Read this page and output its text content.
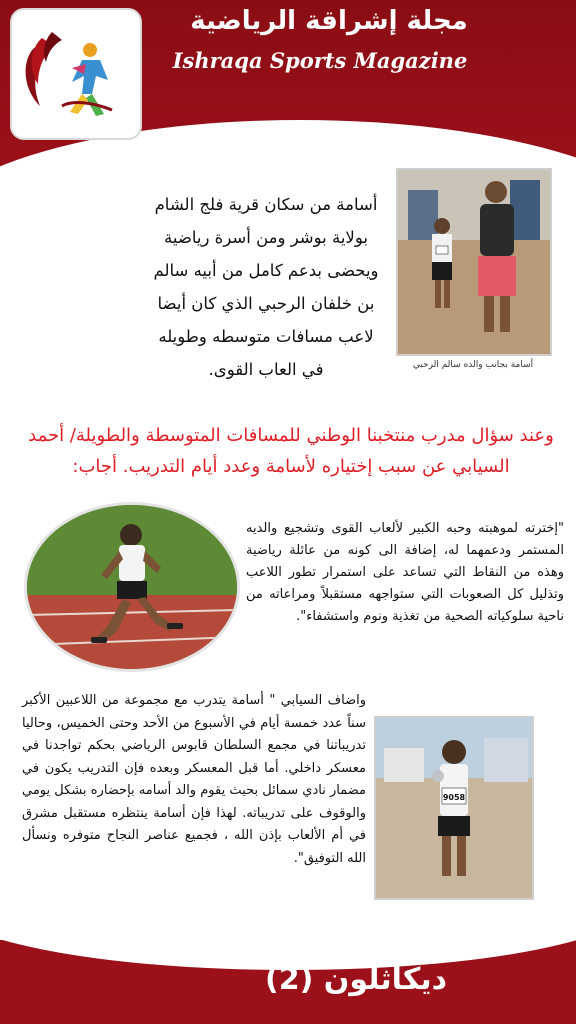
مجلة إشراقة الرياضية
Ishraqa Sports Magazine
أسامة بجانب والده سالم الرحبي
أسامة من سكان قرية فلج الشام بولاية بوشر ومن أسرة رياضية ويحضى بدعم كامل من أبيه سالم بن خلفان الرحبي الذي كان أيضا لاعب مسافات متوسطه وطويله في العاب القوى.
وعند سؤال مدرب منتخبنا الوطني للمسافات المتوسطة والطويلة/ أحمد السيابي عن سبب إختياره لأسامة وعدد أيام التدريب. أجاب:
"إخترته لموهبته وحبه الكبير لألعاب القوى وتشجيع والديه المستمر ودعمهما له، إضافة الى كونه من عائلة رياضية وهذه من النقاط التي تساعد على استمرار تطور اللاعب وتذليل كل الصعوبات التي ستواجهه مستقبلاً ومراعاته من ناحية سلوكياته الصحية من تغذية ونوم واستشفاء".
واضاف السيابي " أسامة يتدرب مع مجموعة من اللاعبين الأكبر سناً عدد خمسة أيام في الأسبوع من الأحد وحتى الخميس، وحاليا تدريباتنا في مجمع السلطان قابوس الرياضي بحكم تواجدنا في معسكر داخلي. أما قبل المعسكر وبعده فإن التدريب يكون في مضمار نادي سمائل بحيث يقوم والد أسامه بإحضاره بشكل يومي والوقوف على تدريباته. لهذا فإن أسامة ينتظره مستقبل مشرق في أم الألعاب بإذن الله ، فجميع عناصر النجاح متوفره ونسأل الله التوفيق".
9058
ديكاثلون (2)
